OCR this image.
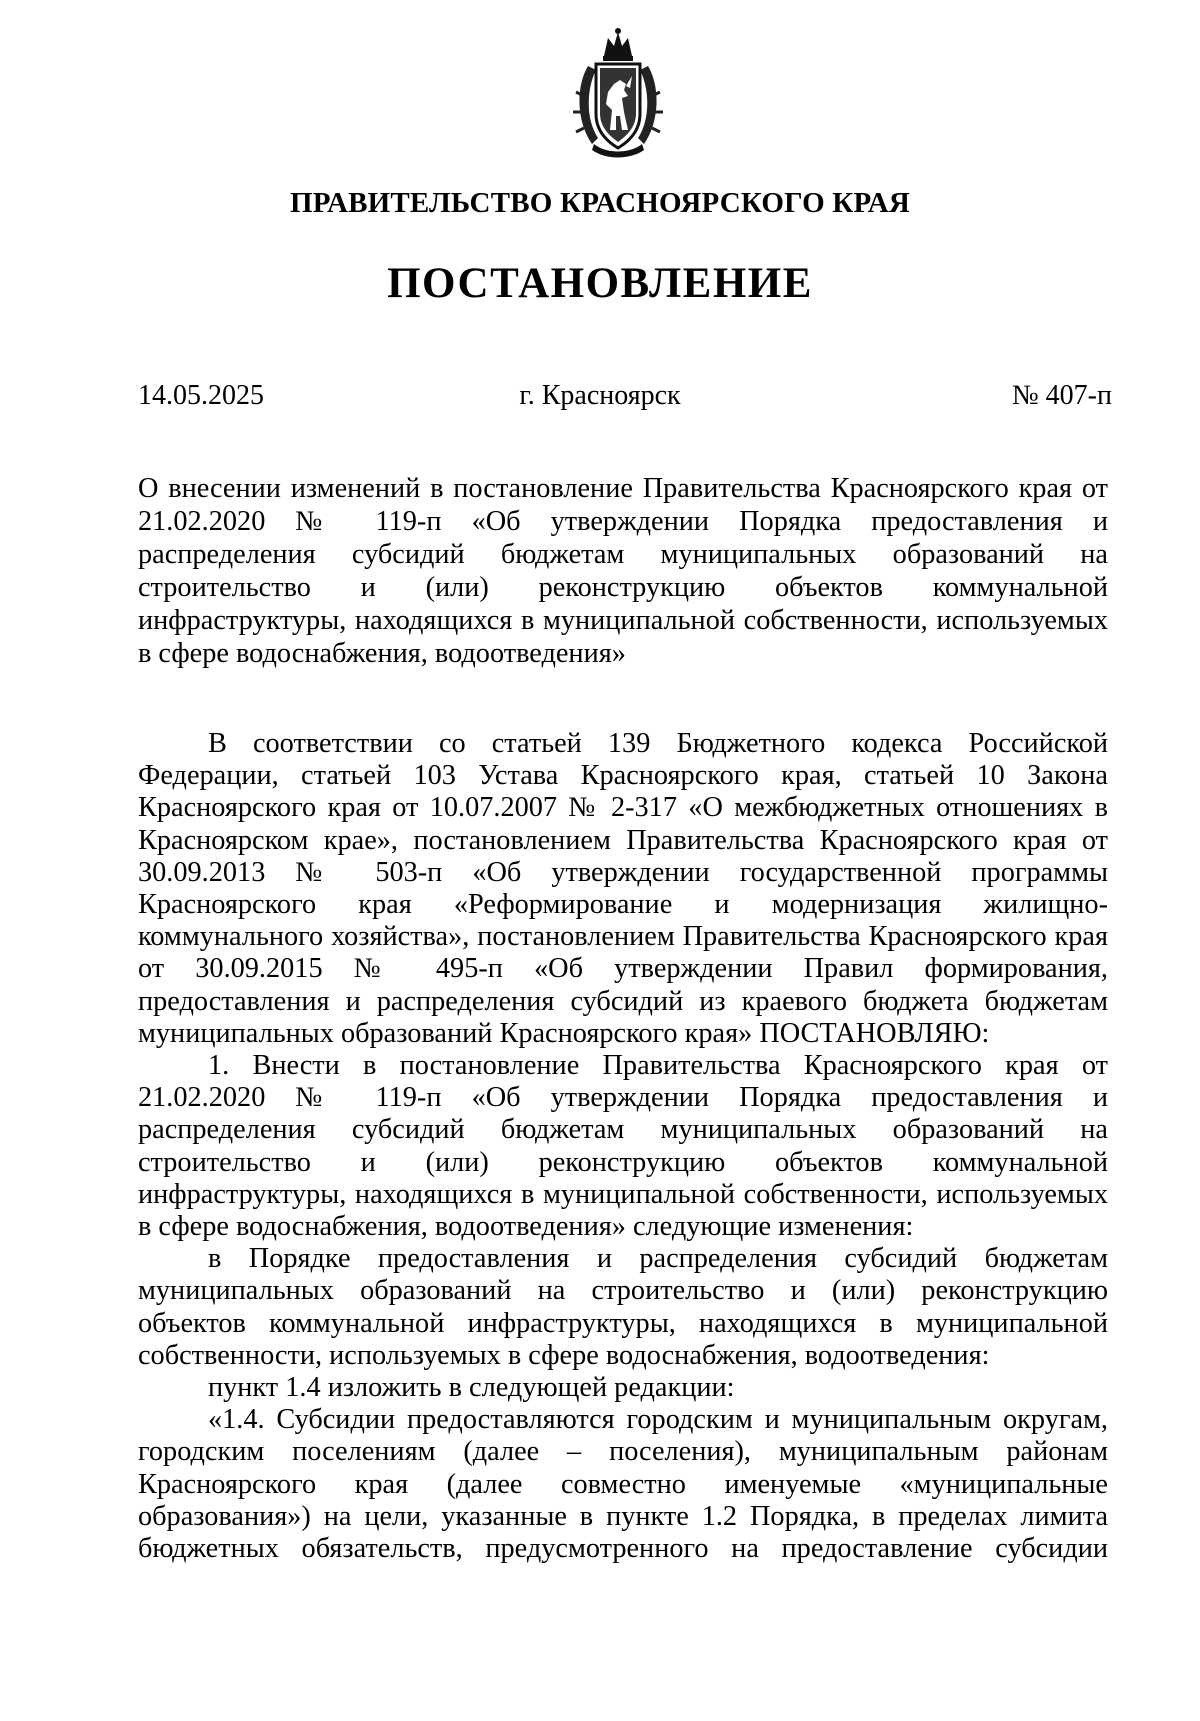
ПРАВИТЕЛЬСТВО КРАСНОЯРСКОГО КРАЯ
ПОСТАНОВЛЕНИЕ
14.05.2025	г. Красноярск	№ 407-п

О внесении изменений в постановление Правительства Красноярского края от 21.02.2020 № 119-п «Об утверждении Порядка предоставления и распределения субсидий бюджетам муниципальных образований на строительство и (или) реконструкцию объектов коммунальной инфраструктуры, находящихся в муниципальной собственности, используемых в сфере водоснабжения, водоотведения»

В соответствии со статьей 139 Бюджетного кодекса Российской Федерации, статьей 103 Устава Красноярского края, статьей 10 Закона Красноярского края от 10.07.2007 № 2-317 «О межбюджетных отношениях в Красноярском крае», постановлением Правительства Красноярского края от 30.09.2013 № 503-п «Об утверждении государственной программы Красноярского края «Реформирование и модернизация жилищно-коммунального хозяйства», постановлением Правительства Красноярского края от 30.09.2015 № 495-п «Об утверждении Правил формирования, предоставления и распределения субсидий из краевого бюджета бюджетам муниципальных образований Красноярского края» ПОСТАНОВЛЯЮ:

1. Внести в постановление Правительства Красноярского края от 21.02.2020 № 119-п «Об утверждении Порядка предоставления и распределения субсидий бюджетам муниципальных образований на строительство и (или) реконструкцию объектов коммунальной инфраструктуры, находящихся в муниципальной собственности, используемых в сфере водоснабжения, водоотведения» следующие изменения:

в Порядке предоставления и распределения субсидий бюджетам муниципальных образований на строительство и (или) реконструкцию объектов коммунальной инфраструктуры, находящихся в муниципальной собственности, используемых в сфере водоснабжения, водоотведения:

пункт 1.4 изложить в следующей редакции:

«1.4. Субсидии предоставляются городским и муниципальным округам, городским поселениям (далее – поселения), муниципальным районам Красноярского края (далее совместно именуемые «муниципальные образования») на цели, указанные в пункте 1.2 Порядка, в пределах лимита бюджетных обязательств, предусмотренного на предоставление субсидии
